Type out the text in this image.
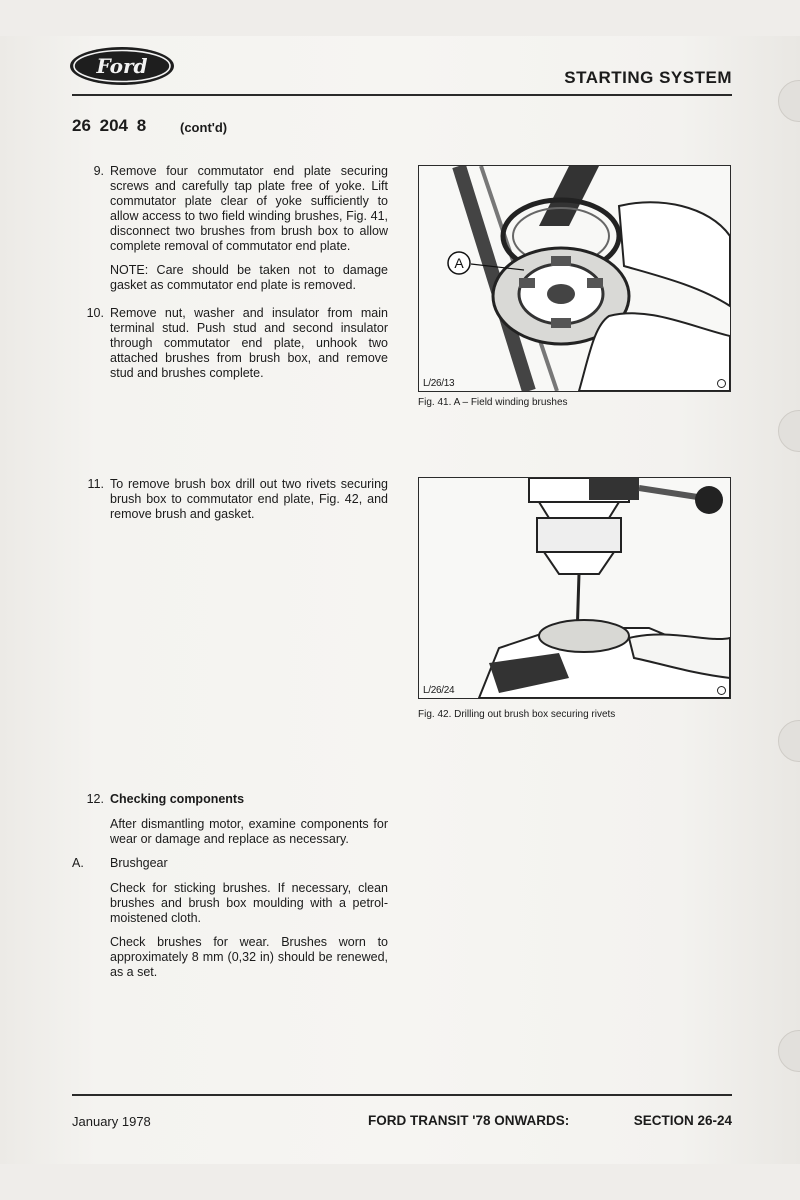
Ford	STARTING SYSTEM
26 204 8	(cont'd)
9. Remove four commutator end plate securing screws and carefully tap plate free of yoke. Lift commutator plate clear of yoke sufficiently to allow access to two field winding brushes, Fig. 41, disconnect two brushes from brush box to allow complete removal of commutator end plate.

NOTE: Care should be taken not to damage gasket as commutator end plate is removed.

10. Remove nut, washer and insulator from main terminal stud. Push stud and second insulator through commutator end plate, unhook two attached brushes from brush box, and remove stud and brushes complete.

11. To remove brush box drill out two rivets securing brush box to commutator end plate, Fig. 42, and remove brush and gasket.

12. Checking components

After dismantling motor, examine components for wear or damage and replace as necessary.

A. Brushgear

Check for sticking brushes. If necessary, clean brushes and brush box moulding with a petrol-moistened cloth.

Check brushes for wear. Brushes worn to approximately 8 mm (0,32 in) should be renewed, as a set.

A
L/26/13
Fig. 41. A – Field winding brushes
L/26/24
Fig. 42. Drilling out brush box securing rivets
January 1978	FORD TRANSIT '78 ONWARDS:	SECTION 26-24
